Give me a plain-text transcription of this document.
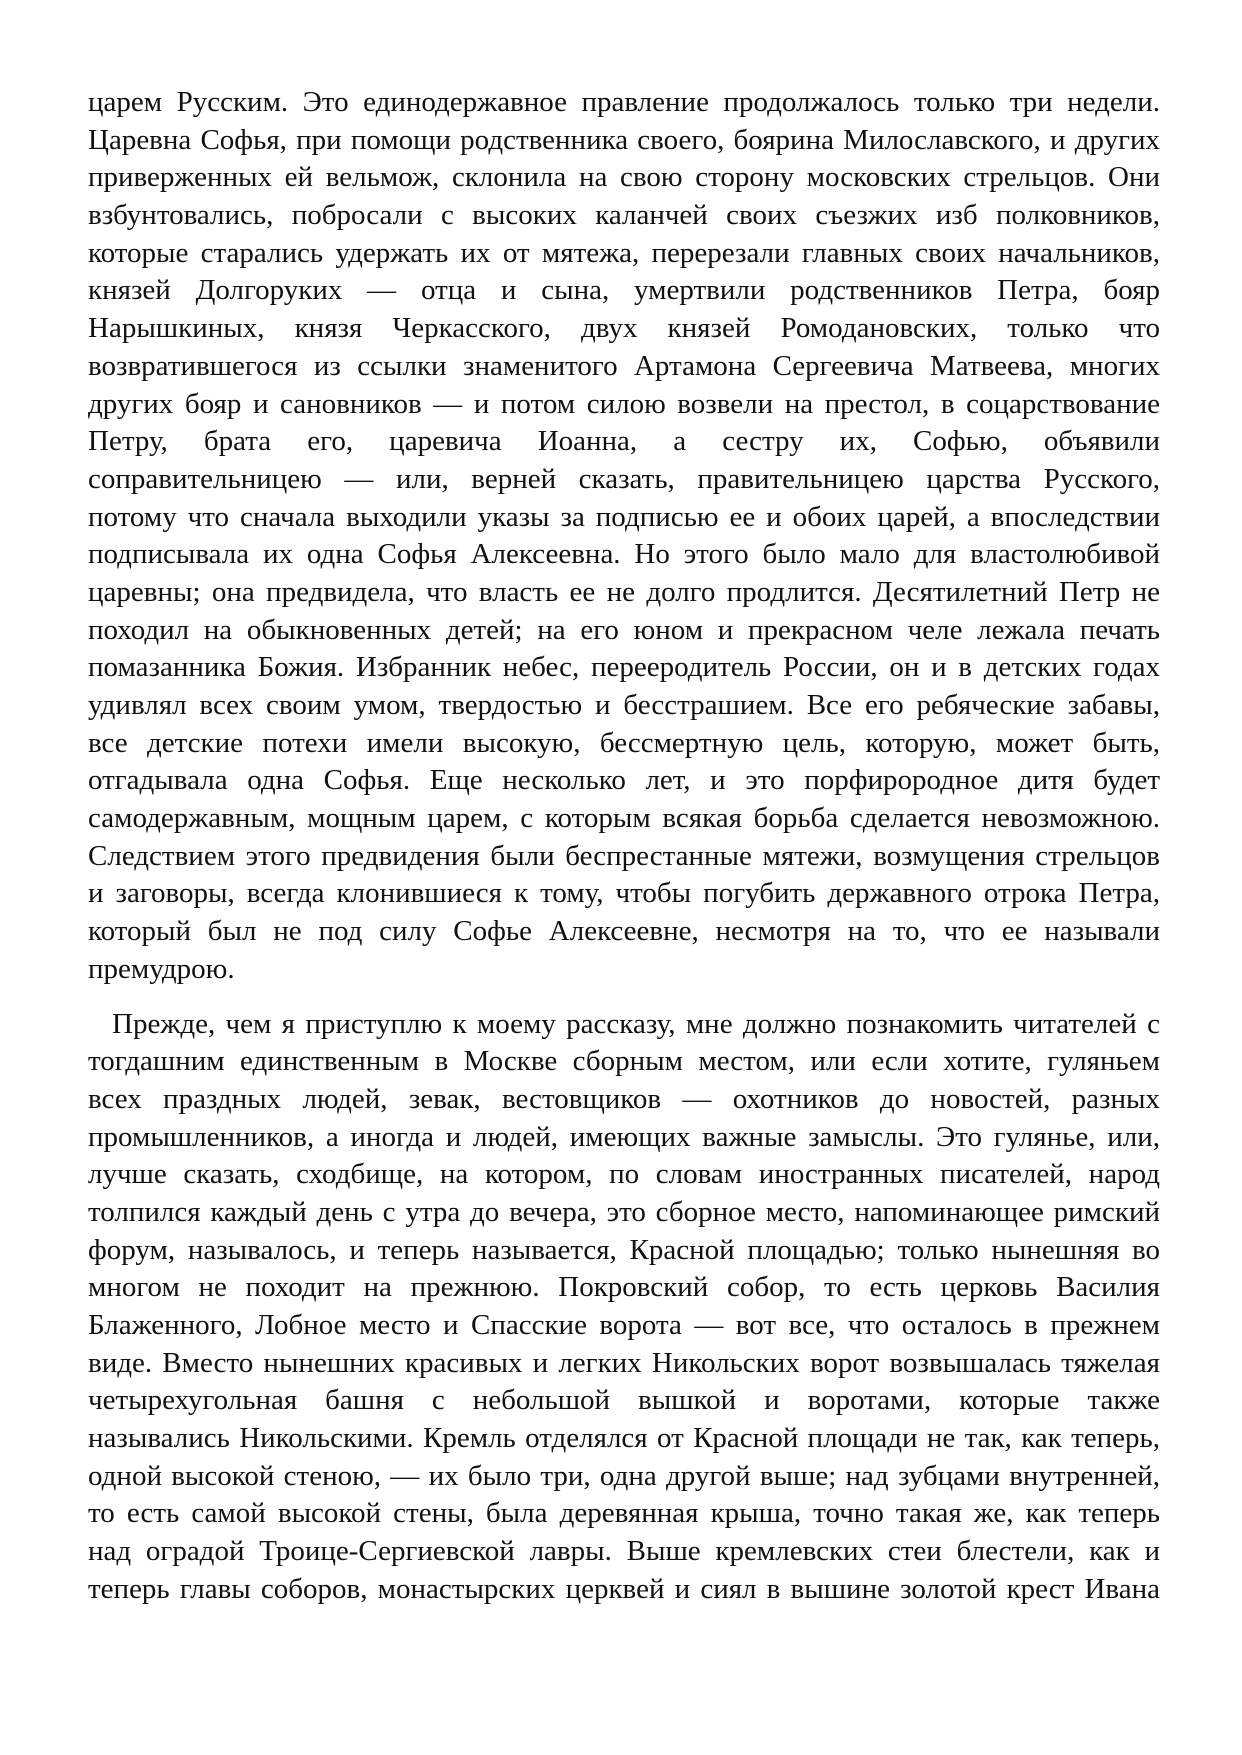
царем Русским. Это единодержавное правление продолжалось только три недели.
Царевна Софья, при помощи родственника своего, боярина Милославского, и других
приверженных ей вельмож, склонила на свою сторону московских стрельцов. Они
взбунтовались, побросали с высоких каланчей своих съезжих изб полковников,
которые старались удержать их от мятежа, перерезали главных своих начальников,
князей Долгоруких — отца и сына, умертвили родственников Петра, бояр
Нарышкиных, князя Черкасского, двух князей Ромодановских, только что
возвратившегося из ссылки знаменитого Артамона Сергеевича Матвеева, многих
других бояр и сановников — и потом силою возвели на престол, в соцарствование
Петру, брата его, царевича Иоанна, а сестру их, Софью, объявили
соправительницею — или, верней сказать, правительницею царства Русского,
потому что сначала выходили указы за подписью ее и обоих царей, а впоследствии
подписывала их одна Софья Алексеевна. Но этого было мало для властолюбивой
царевны; она предвидела, что власть ее не долго продлится. Десятилетний Петр не
походил на обыкновенных детей; на его юном и прекрасном челе лежала печать
помазанника Божия. Избранник небес, перееродитель России, он и в детских годах
удивлял всех своим умом, твердостью и бесстрашием. Все его ребяческие забавы,
все детские потехи имели высокую, бессмертную цель, которую, может быть,
отгадывала одна Софья. Еще несколько лет, и это порфирородное дитя будет
самодержавным, мощным царем, с которым всякая борьба сделается невозможною.
Следствием этого предвидения были беспрестанные мятежи, возмущения стрельцов
и заговоры, всегда клонившиеся к тому, чтобы погубить державного отрока Петра,
который был не под силу Софье Алексеевне, несмотря на то, что ее называли
премудрою.
Прежде, чем я приступлю к моему рассказу, мне должно познакомить читателей с
тогдашним единственным в Москве сборным местом, или если хотите, гуляньем
всех праздных людей, зевак, вестовщиков — охотников до новостей, разных
промышленников, а иногда и людей, имеющих важные замыслы. Это гулянье, или,
лучше сказать, сходбище, на котором, по словам иностранных писателей, народ
толпился каждый день с утра до вечера, это сборное место, напоминающее римский
форум, называлось, и теперь называется, Красной площадью; только нынешняя во
многом не походит на прежнюю. Покровский собор, то есть церковь Василия
Блаженного, Лобное место и Спасские ворота — вот все, что осталось в прежнем
виде. Вместо нынешних красивых и легких Никольских ворот возвышалась тяжелая
четырехугольная башня с небольшой вышкой и воротами, которые также
назывались Никольскими. Кремль отделялся от Красной площади не так, как теперь,
одной высокой стеною, — их было три, одна другой выше; над зубцами внутренней,
то есть самой высокой стены, была деревянная крыша, точно такая же, как теперь
над оградой Троице-Сергиевской лавры. Выше кремлевских стеи блестели, как и
теперь главы соборов, монастырских церквей и сиял в вышине золотой крест Ивана
